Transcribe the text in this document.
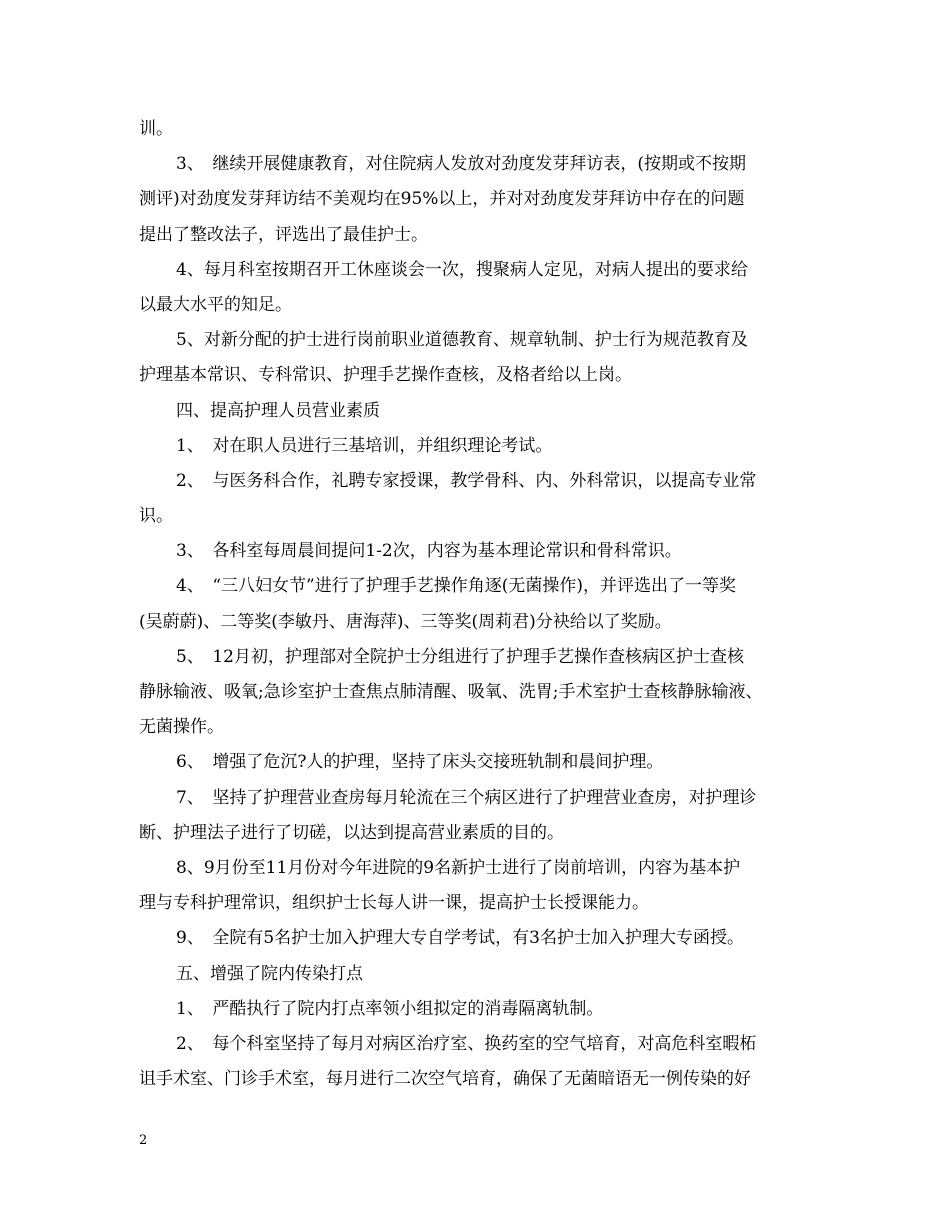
训。
3、　继续开展健康教育，对住院病人发放对劲度发芽拜访表，(按期或不按期
测评)对劲度发芽拜访结不美观均在95%以上，并对对劲度发芽拜访中存在的问题
提出了整改法子，评选出了最佳护士。
4、每月科室按期召开工休座谈会一次，搜聚病人定见，对病人提出的要求给
以最大水平的知足。
5、对新分配的护士进行岗前职业道德教育、规章轨制、护士行为规范教育及
护理基本常识、专科常识、护理手艺操作查核，及格者给以上岗。
四、提高护理人员营业素质
1、　对在职人员进行三基培训，并组织理论考试。
2、　与医务科合作，礼聘专家授课，教学骨科、内、外科常识，以提高专业常
识。
3、　各科室每周晨间提问1-2次，内容为基本理论常识和骨科常识。
4、　“三八妇女节”进行了护理手艺操作角逐(无菌操作)，并评选出了一等奖
(吴蔚蔚)、二等奖(李敏丹、唐海萍)、三等奖(周莉君)分袂给以了奖励。
5、　12月初，护理部对全院护士分组进行了护理手艺操作查核病区护士查核
静脉输液、吸氧;急诊室护士查焦点肺清醒、吸氧、洗胃;手术室护士查核静脉输液、
无菌操作。
6、　增强了危沉?人的护理，坚持了床头交接班轨制和晨间护理。
7、　坚持了护理营业查房每月轮流在三个病区进行了护理营业查房，对护理诊
断、护理法子进行了切磋，以达到提高营业素质的目的。
8、9月份至11月份对今年进院的9名新护士进行了岗前培训，内容为基本护
理与专科护理常识，组织护士长每人讲一课，提高护士长授课能力。
9、　全院有5名护士加入护理大专自学考试，有3名护士加入护理大专函授。
五、增强了院内传染打点
1、　严酷执行了院内打点率领小组拟定的消毒隔离轨制。
2、　每个科室坚持了每月对病区治疗室、换药室的空气培育，对高危科室暇柘
诅手术室、门诊手术室，每月进行二次空气培育，确保了无菌暗语无一例传染的好
2
